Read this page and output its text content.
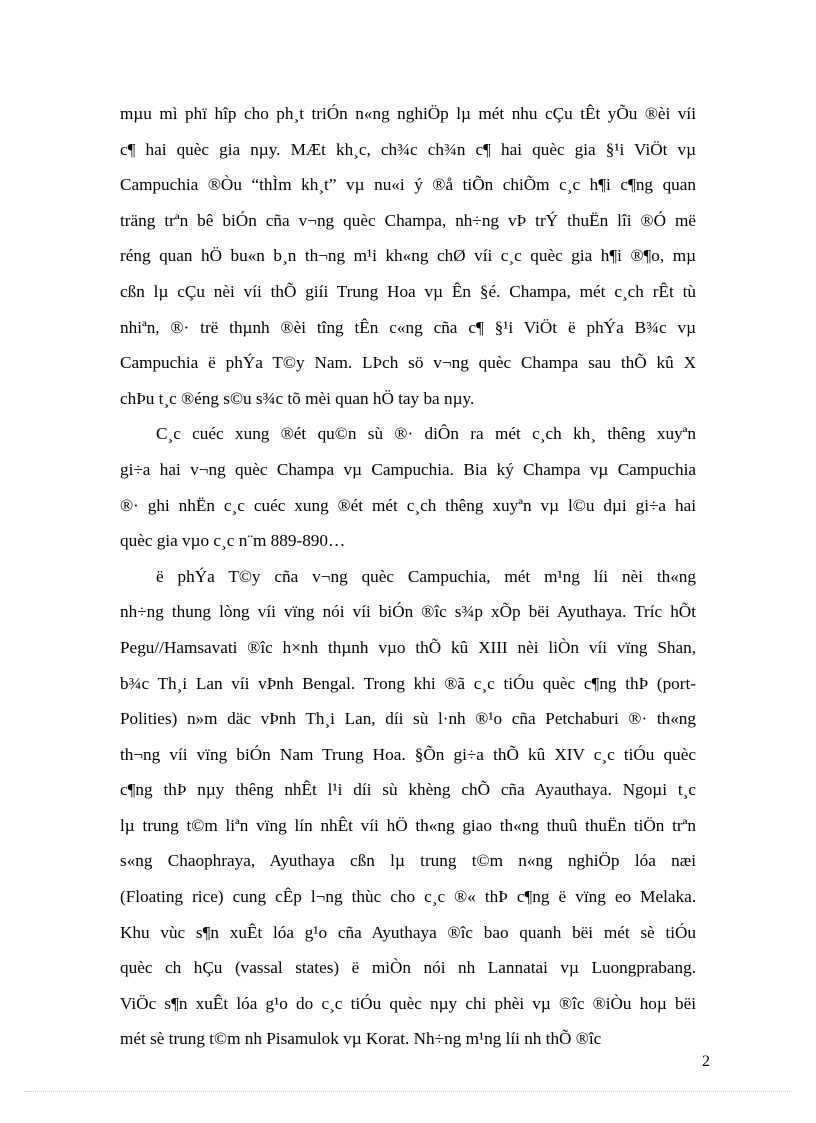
mµu mì phï hîp cho ph¸t triÓn n«ng nghiÖp lµ mét nhu cÇu tÊt yÕu ®èi víi
c¶ hai quèc gia nµy. MÆt kh¸c, ch¾c ch¾n c¶ hai quèc gia §¹i ViÖt vµ
Campuchia ®Òu “thÌm kh¸t” vµ nu«i ý ®å tiÕn chiÕm c¸c h¶i c¶ng quan
träng trªn bê biÓn cña v¬ng quèc Champa, nh÷ng vÞ trÝ thuËn lîi ®Ó më
réng quan hÖ bu«n b¸n th¬ng m¹i kh«ng chØ víi c¸c quèc gia h¶i ®¶o, mµ
cßn lµ cÇu nèi víi thÕ giíi Trung Hoa vµ Ên §é. Champa, mét c¸ch rÊt tù
nhiªn, ®· trë thµnh ®èi tîng tÊn c«ng cña c¶ §¹i ViÖt ë phÝa B¾c vµ
Campuchia ë phÝa T©y Nam. LÞch sö v¬ng quèc Champa sau thÕ kû X
chÞu t¸c ®éng s©u s¾c tõ mèi quan hÖ tay ba nµy.
C¸c cuéc xung ®ét qu©n sù ®· diÔn ra mét c¸ch kh¸ thêng xuyªn
gi÷a hai v¬ng quèc Champa vµ Campuchia. Bia ký Champa vµ Campuchia
®· ghi nhËn c¸c cuéc xung ®ét mét c¸ch thêng xuyªn vµ l©u dµi gi÷a hai
quèc gia vµo c¸c n¨m 889-890…
ë phÝa T©y cña v¬ng quèc Campuchia, mét m¹ng líi nèi th«ng
nh÷ng thung lòng víi vïng nói víi biÓn ®îc s¾p xÕp bëi Ayuthaya. Tríc hÕt
Pegu//Hamsavati ®îc h×nh thµnh vµo thÕ kû XIII nèi liÒn víi vïng Shan,
b¾c Th¸i Lan víi vÞnh Bengal. Trong khi ®ã c¸c tiÓu quèc c¶ng thÞ (port-
Polities) n»m däc vÞnh Th¸i Lan, díi sù l·nh ®¹o cña Petchaburi ®· th«ng
th¬ng víi vïng biÓn Nam Trung Hoa. §Õn gi÷a thÕ kû XIV c¸c tiÓu quèc
c¶ng thÞ nµy thêng nhÊt l¹i díi sù khèng chÕ cña Ayauthaya. Ngoµi t¸c
lµ trung t©m liªn vïng lín nhÊt víi hÖ th«ng giao th«ng thuû thuËn tiÖn trªn
s«ng Chaophraya, Ayuthaya cßn lµ trung t©m n«ng nghiÖp lóa næi
(Floating rice) cung cÊp l¬ng thùc cho c¸c ®« thÞ c¶ng ë vïng eo Melaka.
Khu vùc s¶n xuÊt lóa g¹o cña Ayuthaya ®îc bao quanh bëi mét sè tiÓu
quèc ch hÇu (vassal states) ë miÒn nói nh Lannatai vµ Luongprabang.
ViÖc s¶n xuÊt lóa g¹o do c¸c tiÓu quèc nµy chi phèi vµ ®îc ®iÒu hoµ bëi
mét sè trung t©m nh Pisamulok vµ Korat. Nh÷ng m¹ng líi nh thÕ ®îc
2
